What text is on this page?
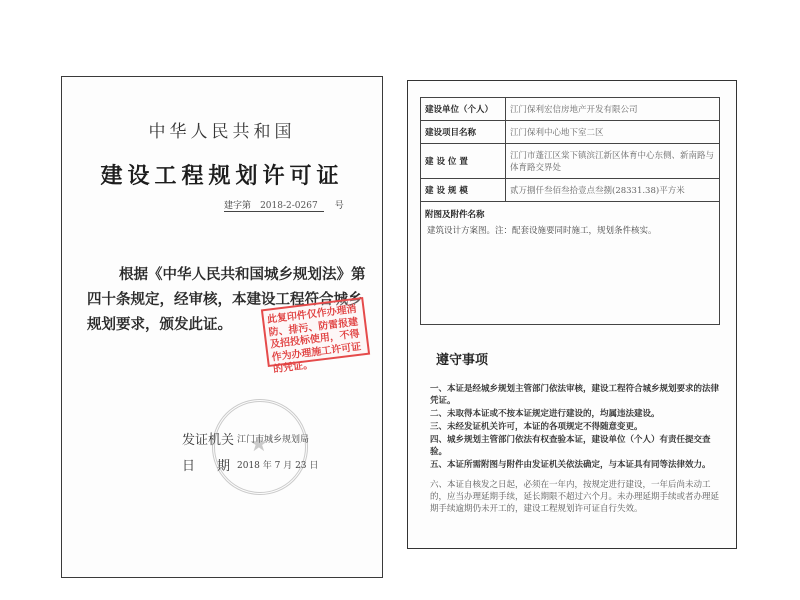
中华人民共和国
建设工程规划许可证
建字第 2018-2-0267 号
根据《中华人民共和国城乡规划法》第四十条规定，经审核，本建设工程符合城乡规划要求，颁发此证。	此复印件仅作办理消防、排污、防雷报建及招投标使用，不得作为办理施工许可证的凭证。
★
发证机关 江门市城乡规划局
日期
2018 年 7 月 23 日
建设单位（个人）	江门保利宏信房地产开发有限公司
建设项目名称	江门保利中心地下室二区
建 设 位 置	江门市蓬江区棠下镇滨江新区体育中心东侧、新南路与体育路交界处
建 设 规 模	贰万捌仟叁佰叁拾壹点叁捌(28331.38)平方米

附图及附件名称
建筑设计方案图。注：配套设施要同时施工，规划条件核实。	
遵守事项
一、本证是经城乡规划主管部门依法审核，建设工程符合城乡规划要求的法律凭证。
二、未取得本证或不按本证规定进行建设的，均属违法建设。
三、未经发证机关许可，本证的各项规定不得随意变更。
四、城乡规划主管部门依法有权查验本证，建设单位（个人）有责任提交查验。
五、本证所需附图与附件由发证机关依法确定，与本证具有同等法律效力。
六、本证自核发之日起，必须在一年内，按规定进行建设，一年后尚未动工的，应当办理延期手续，延长期限不超过六个月。未办理延期手续或者办理延期手续逾期仍未开工的，建设工程规划许可证自行失效。
